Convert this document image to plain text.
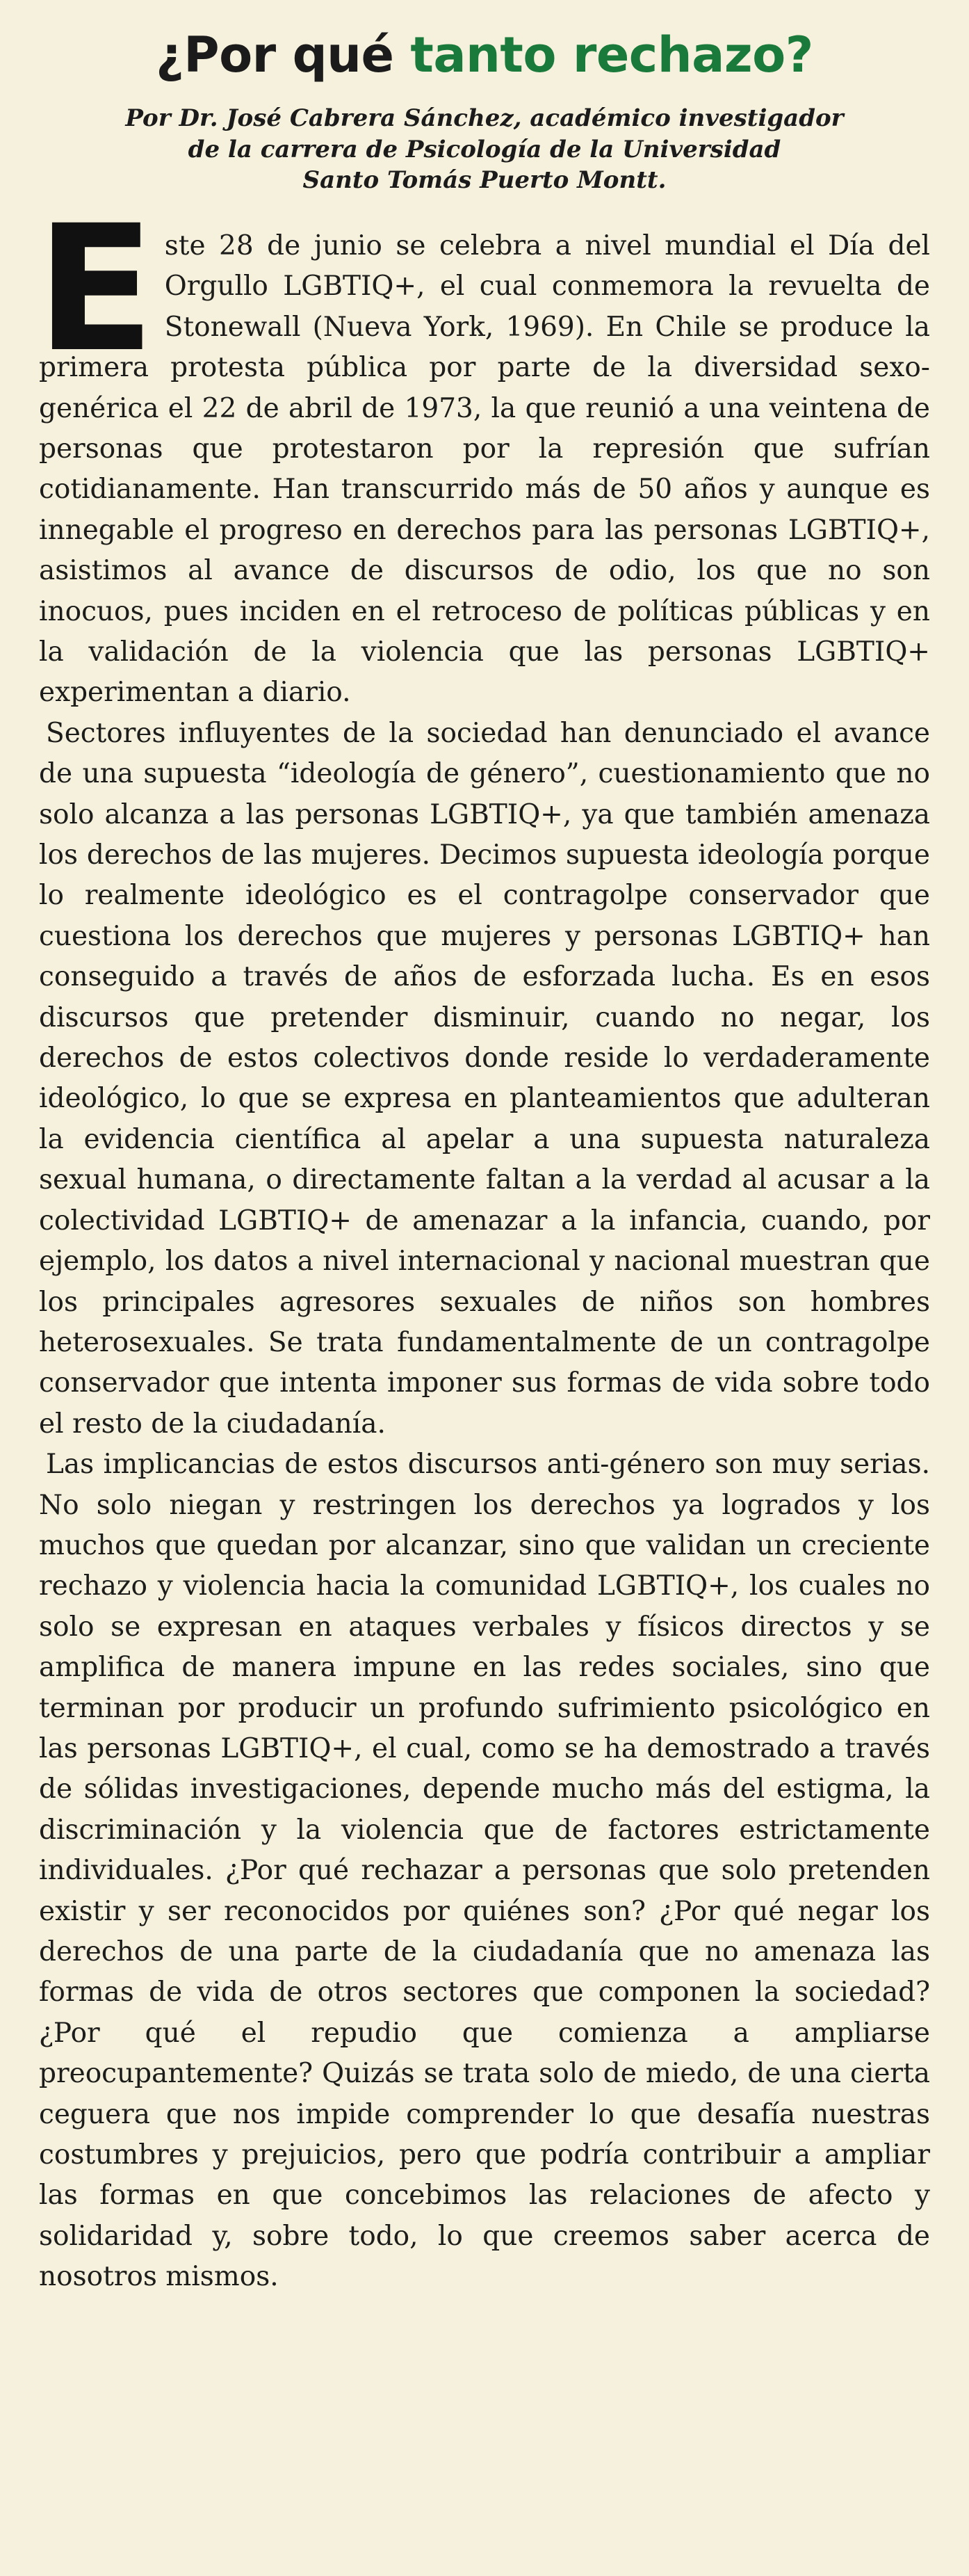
¿Por qué tanto rechazo?
Por Dr. José Cabrera Sánchez, académico investigador
de la carrera de Psicología de la Universidad
Santo Tomás Puerto Montt.

Este 28 de junio se celebra a nivel mundial el Día del Orgullo LGBTIQ+, el cual conmemora la revuelta de Stonewall (Nueva York, 1969). En Chile se produce la primera protesta pública por parte de la diversidad sexo-genérica el 22 de abril de 1973, la que reunió a una veintena de personas que protestaron por la represión que sufrían cotidianamente. Han transcurrido más de 50 años y aunque es innegable el progreso en derechos para las personas LGBTIQ+, asistimos al avance de discursos de odio, los que no son inocuos, pues inciden en el retroceso de políticas públicas y en la validación de la violencia que las personas LGBTIQ+ experimentan a diario.

Sectores influyentes de la sociedad han denunciado el avance de una supuesta “ideología de género”, cuestionamiento que no solo alcanza a las personas LGBTIQ+, ya que también amenaza los derechos de las mujeres. Decimos supuesta ideología porque lo realmente ideológico es el contragolpe conservador que cuestiona los derechos que mujeres y personas LGBTIQ+ han conseguido a través de años de esforzada lucha. Es en esos discursos que pretender disminuir, cuando no negar, los derechos de estos colectivos donde reside lo verdaderamente ideológico, lo que se expresa en planteamientos que adulteran la evidencia científica al apelar a una supuesta naturaleza sexual humana, o directamente faltan a la verdad al acusar a la colectividad LGBTIQ+ de amenazar a la infancia, cuando, por ejemplo, los datos a nivel internacional y nacional muestran que los principales agresores sexuales de niños son hombres heterosexuales. Se trata fundamentalmente de un contragolpe conservador que intenta imponer sus formas de vida sobre todo el resto de la ciudadanía.

Las implicancias de estos discursos anti-género son muy serias. No solo niegan y restringen los derechos ya logrados y los muchos que quedan por alcanzar, sino que validan un creciente rechazo y violencia hacia la comunidad LGBTIQ+, los cuales no solo se expresan en ataques verbales y físicos directos y se amplifica de manera impune en las redes sociales, sino que terminan por producir un profundo sufrimiento psicológico en las personas LGBTIQ+, el cual, como se ha demostrado a través de sólidas investigaciones, depende mucho más del estigma, la discriminación y la violencia que de factores estrictamente individuales. ¿Por qué rechazar a personas que solo pretenden existir y ser reconocidos por quiénes son? ¿Por qué negar los derechos de una parte de la ciudadanía que no amenaza las formas de vida de otros sectores que componen la sociedad? ¿Por qué el repudio que comienza a ampliarse preocupantemente? Quizás se trata solo de miedo, de una cierta ceguera que nos impide comprender lo que desafía nuestras costumbres y prejuicios, pero que podría contribuir a ampliar las formas en que concebimos las relaciones de afecto y solidaridad y, sobre todo, lo que creemos saber acerca de nosotros mismos.
